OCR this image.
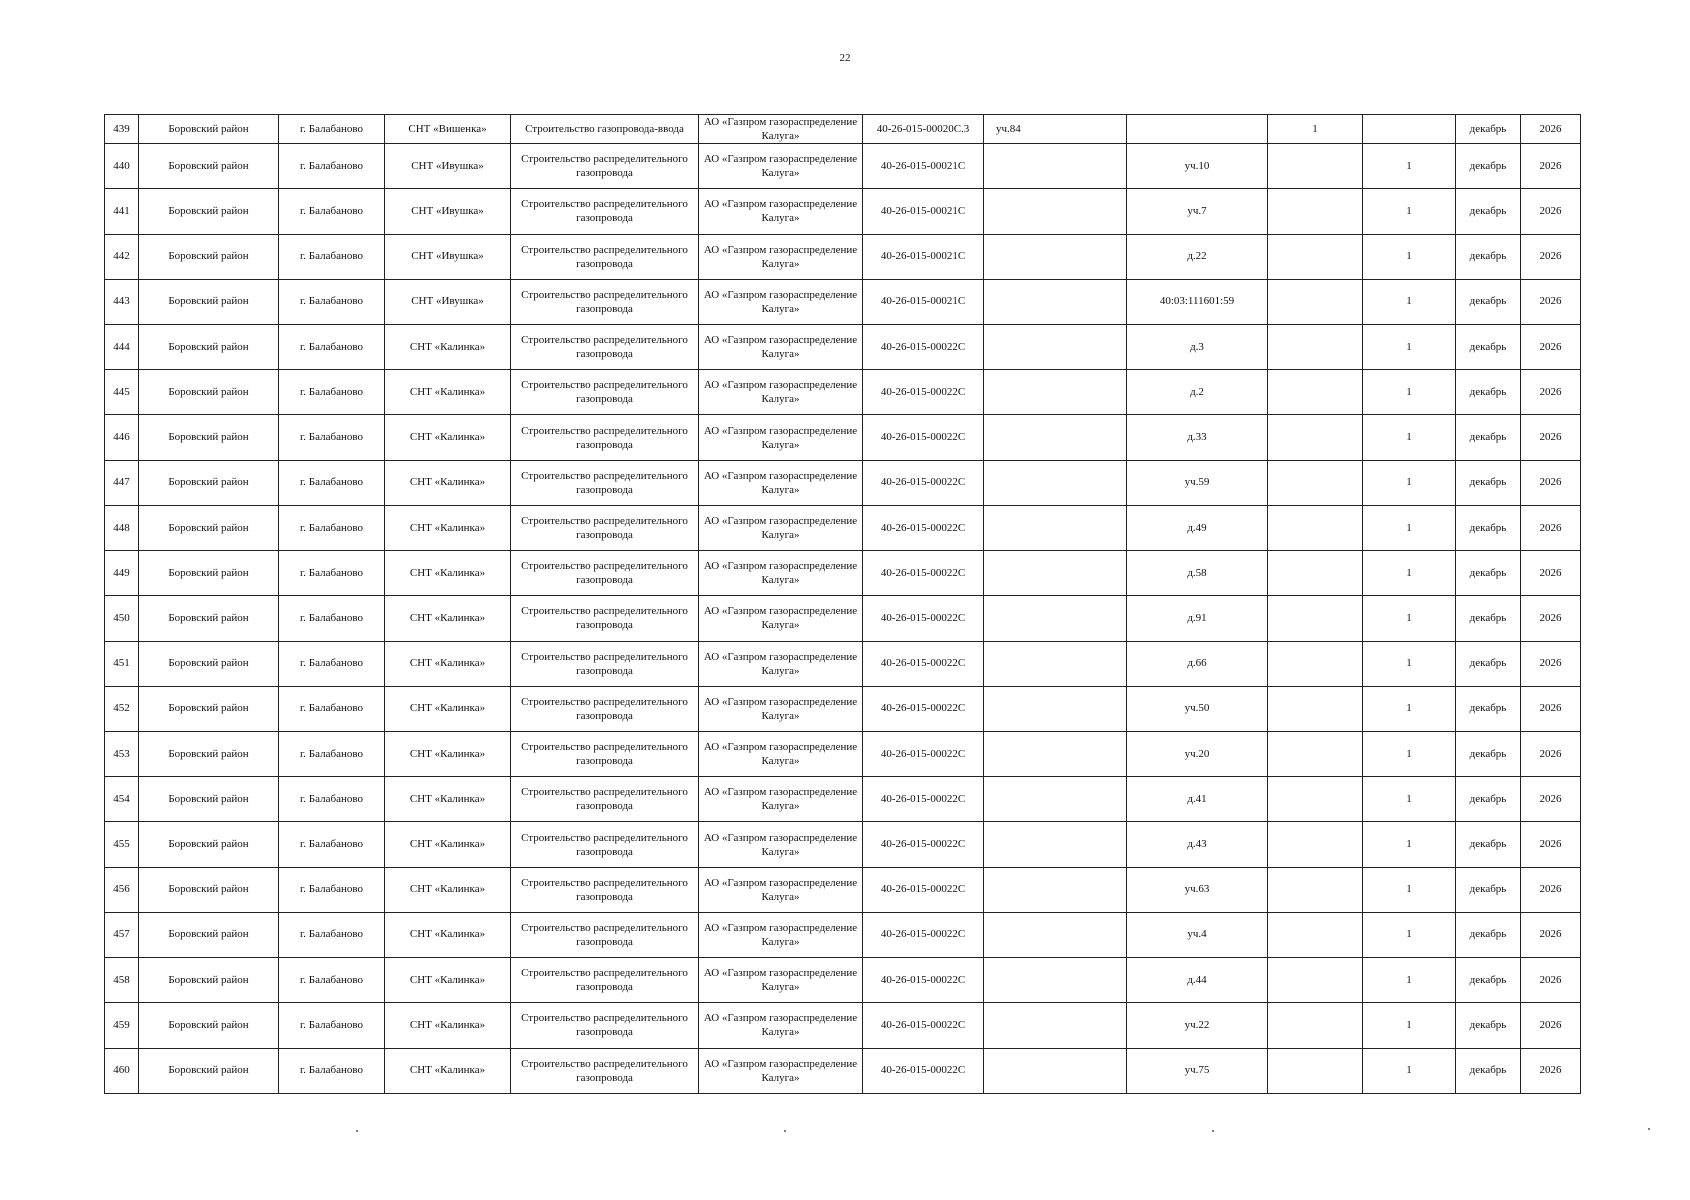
22
439	Боровский район	г. Балабаново	СНТ «Вишенка»	Строительство газопровода-ввода	АО «Газпром газораспределение Калуга»	40-26-015-00020С.3	уч.84		1		декабрь	2026
440	Боровский район	г. Балабаново	СНТ «Ивушка»	Строительство распределительного газопровода	АО «Газпром газораспределение Калуга»	40-26-015-00021С		уч.10		1	декабрь	2026
441	Боровский район	г. Балабаново	СНТ «Ивушка»	Строительство распределительного газопровода	АО «Газпром газораспределение Калуга»	40-26-015-00021С		уч.7		1	декабрь	2026
442	Боровский район	г. Балабаново	СНТ «Ивушка»	Строительство распределительного газопровода	АО «Газпром газораспределение Калуга»	40-26-015-00021С		д.22		1	декабрь	2026
443	Боровский район	г. Балабаново	СНТ «Ивушка»	Строительство распределительного газопровода	АО «Газпром газораспределение Калуга»	40-26-015-00021С		40:03:111601:59		1	декабрь	2026
444	Боровский район	г. Балабаново	СНТ «Калинка»	Строительство распределительного газопровода	АО «Газпром газораспределение Калуга»	40-26-015-00022С		д.3		1	декабрь	2026
445	Боровский район	г. Балабаново	СНТ «Калинка»	Строительство распределительного газопровода	АО «Газпром газораспределение Калуга»	40-26-015-00022С		д.2		1	декабрь	2026
446	Боровский район	г. Балабаново	СНТ «Калинка»	Строительство распределительного газопровода	АО «Газпром газораспределение Калуга»	40-26-015-00022С		д.33		1	декабрь	2026
447	Боровский район	г. Балабаново	СНТ «Калинка»	Строительство распределительного газопровода	АО «Газпром газораспределение Калуга»	40-26-015-00022С		уч.59		1	декабрь	2026
448	Боровский район	г. Балабаново	СНТ «Калинка»	Строительство распределительного газопровода	АО «Газпром газораспределение Калуга»	40-26-015-00022С		д.49		1	декабрь	2026
449	Боровский район	г. Балабаново	СНТ «Калинка»	Строительство распределительного газопровода	АО «Газпром газораспределение Калуга»	40-26-015-00022С		д.58		1	декабрь	2026
450	Боровский район	г. Балабаново	СНТ «Калинка»	Строительство распределительного газопровода	АО «Газпром газораспределение Калуга»	40-26-015-00022С		д.91		1	декабрь	2026
451	Боровский район	г. Балабаново	СНТ «Калинка»	Строительство распределительного газопровода	АО «Газпром газораспределение Калуга»	40-26-015-00022С		д.66		1	декабрь	2026
452	Боровский район	г. Балабаново	СНТ «Калинка»	Строительство распределительного газопровода	АО «Газпром газораспределение Калуга»	40-26-015-00022С		уч.50		1	декабрь	2026
453	Боровский район	г. Балабаново	СНТ «Калинка»	Строительство распределительного газопровода	АО «Газпром газораспределение Калуга»	40-26-015-00022С		уч.20		1	декабрь	2026
454	Боровский район	г. Балабаново	СНТ «Калинка»	Строительство распределительного газопровода	АО «Газпром газораспределение Калуга»	40-26-015-00022С		д.41		1	декабрь	2026
455	Боровский район	г. Балабаново	СНТ «Калинка»	Строительство распределительного газопровода	АО «Газпром газораспределение Калуга»	40-26-015-00022С		д.43		1	декабрь	2026
456	Боровский район	г. Балабаново	СНТ «Калинка»	Строительство распределительного газопровода	АО «Газпром газораспределение Калуга»	40-26-015-00022С		уч.63		1	декабрь	2026
457	Боровский район	г. Балабаново	СНТ «Калинка»	Строительство распределительного газопровода	АО «Газпром газораспределение Калуга»	40-26-015-00022С		уч.4		1	декабрь	2026
458	Боровский район	г. Балабаново	СНТ «Калинка»	Строительство распределительного газопровода	АО «Газпром газораспределение Калуга»	40-26-015-00022С		д.44		1	декабрь	2026
459	Боровский район	г. Балабаново	СНТ «Калинка»	Строительство распределительного газопровода	АО «Газпром газораспределение Калуга»	40-26-015-00022С		уч.22		1	декабрь	2026
460	Боровский район	г. Балабаново	СНТ «Калинка»	Строительство распределительного газопровода	АО «Газпром газораспределение Калуга»	40-26-015-00022С		уч.75		1	декабрь	2026
